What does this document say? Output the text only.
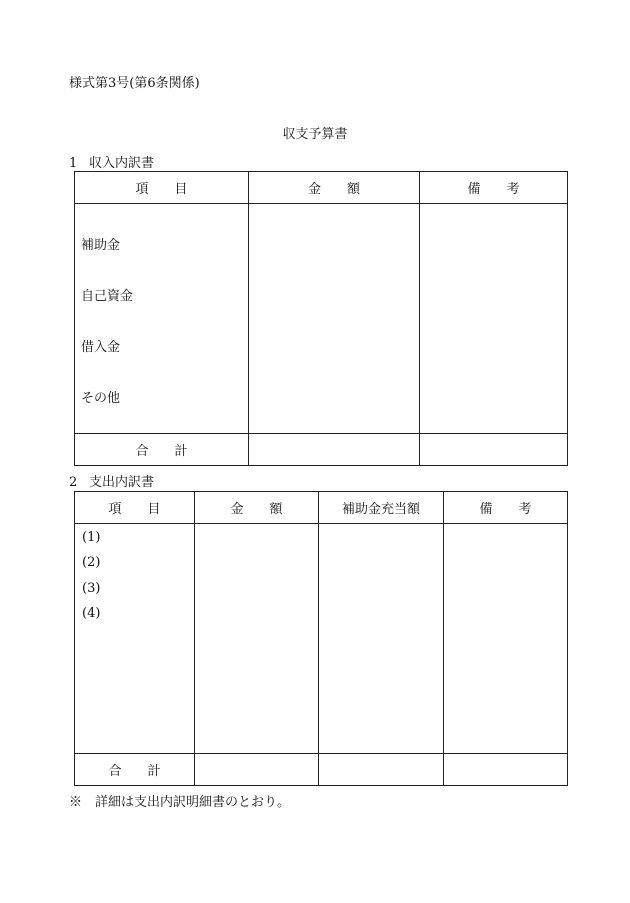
様式第3号(第6条関係)
収支予算書
1 収入内訳書
項　　目	金　　額	備　　考

補助金
自己資金
借入金
その他		

合　　計		
2 支出内訳書
項　　目	金　　額	補助金充当額	備　　考

(1)
(2)
(3)
(4)			

合　　計			
※　詳細は支出内訳明細書のとおり。
